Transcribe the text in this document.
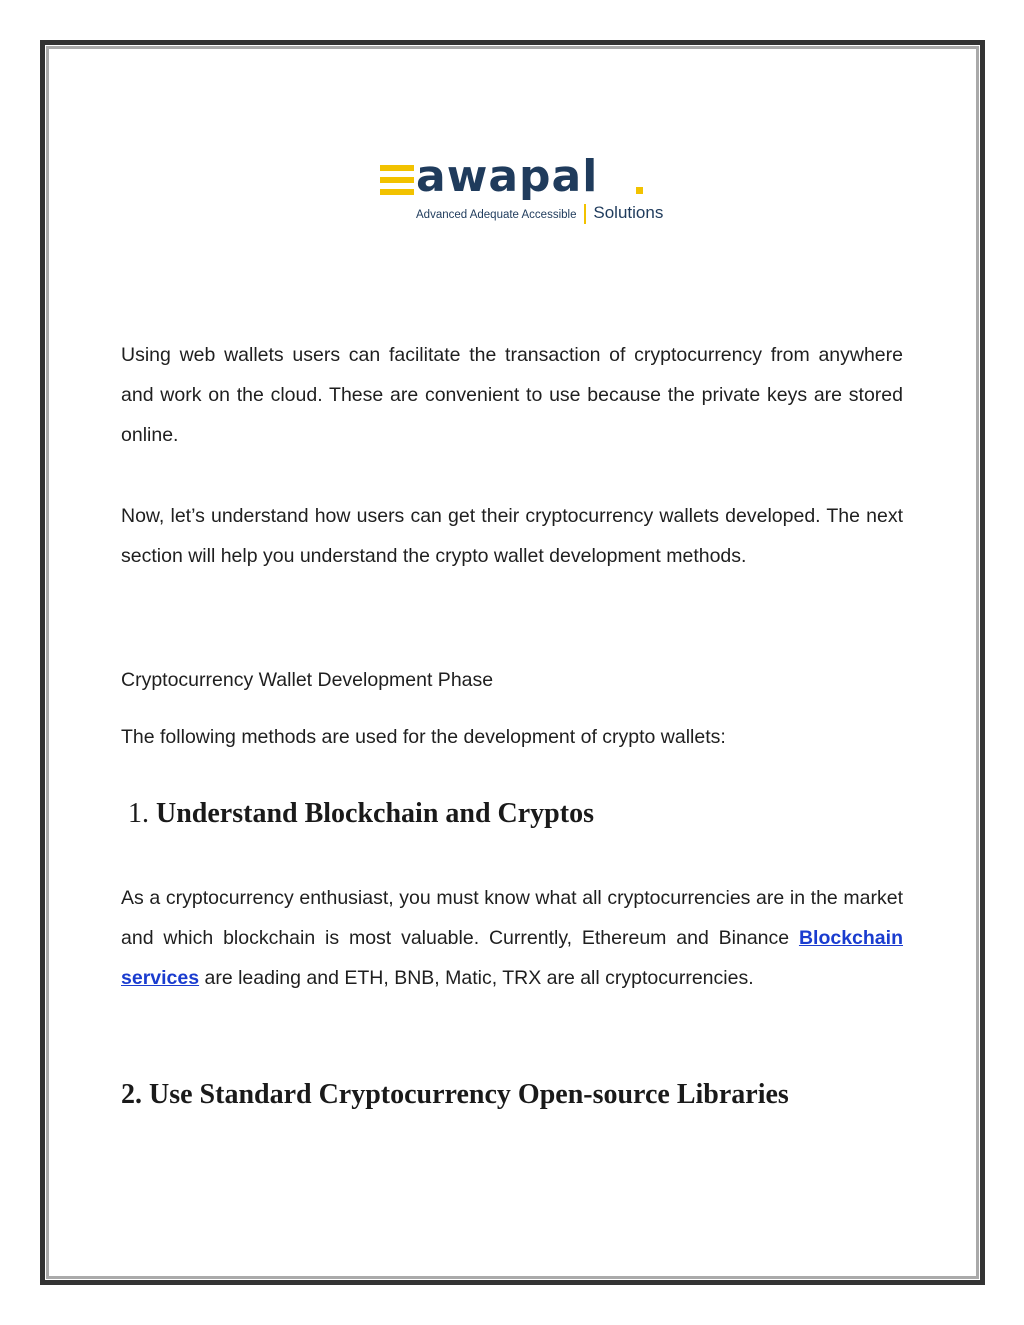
awapal
Advanced Adequate Accessible Solutions

Using web wallets users can facilitate the transaction of cryptocurrency from anywhere and work on the cloud. These are convenient to use because the private keys are stored online.

Now, let’s understand how users can get their cryptocurrency wallets developed. The next section will help you understand the crypto wallet development methods.

Cryptocurrency Wallet Development Phase

The following methods are used for the development of crypto wallets:

1. Understand Blockchain and Cryptos

As a cryptocurrency enthusiast, you must know what all cryptocurrencies are in the market and which blockchain is most valuable. Currently, Ethereum and Binance Blockchain services are leading and ETH, BNB, Matic, TRX are all cryptocurrencies.

2. Use Standard Cryptocurrency Open-source Libraries
